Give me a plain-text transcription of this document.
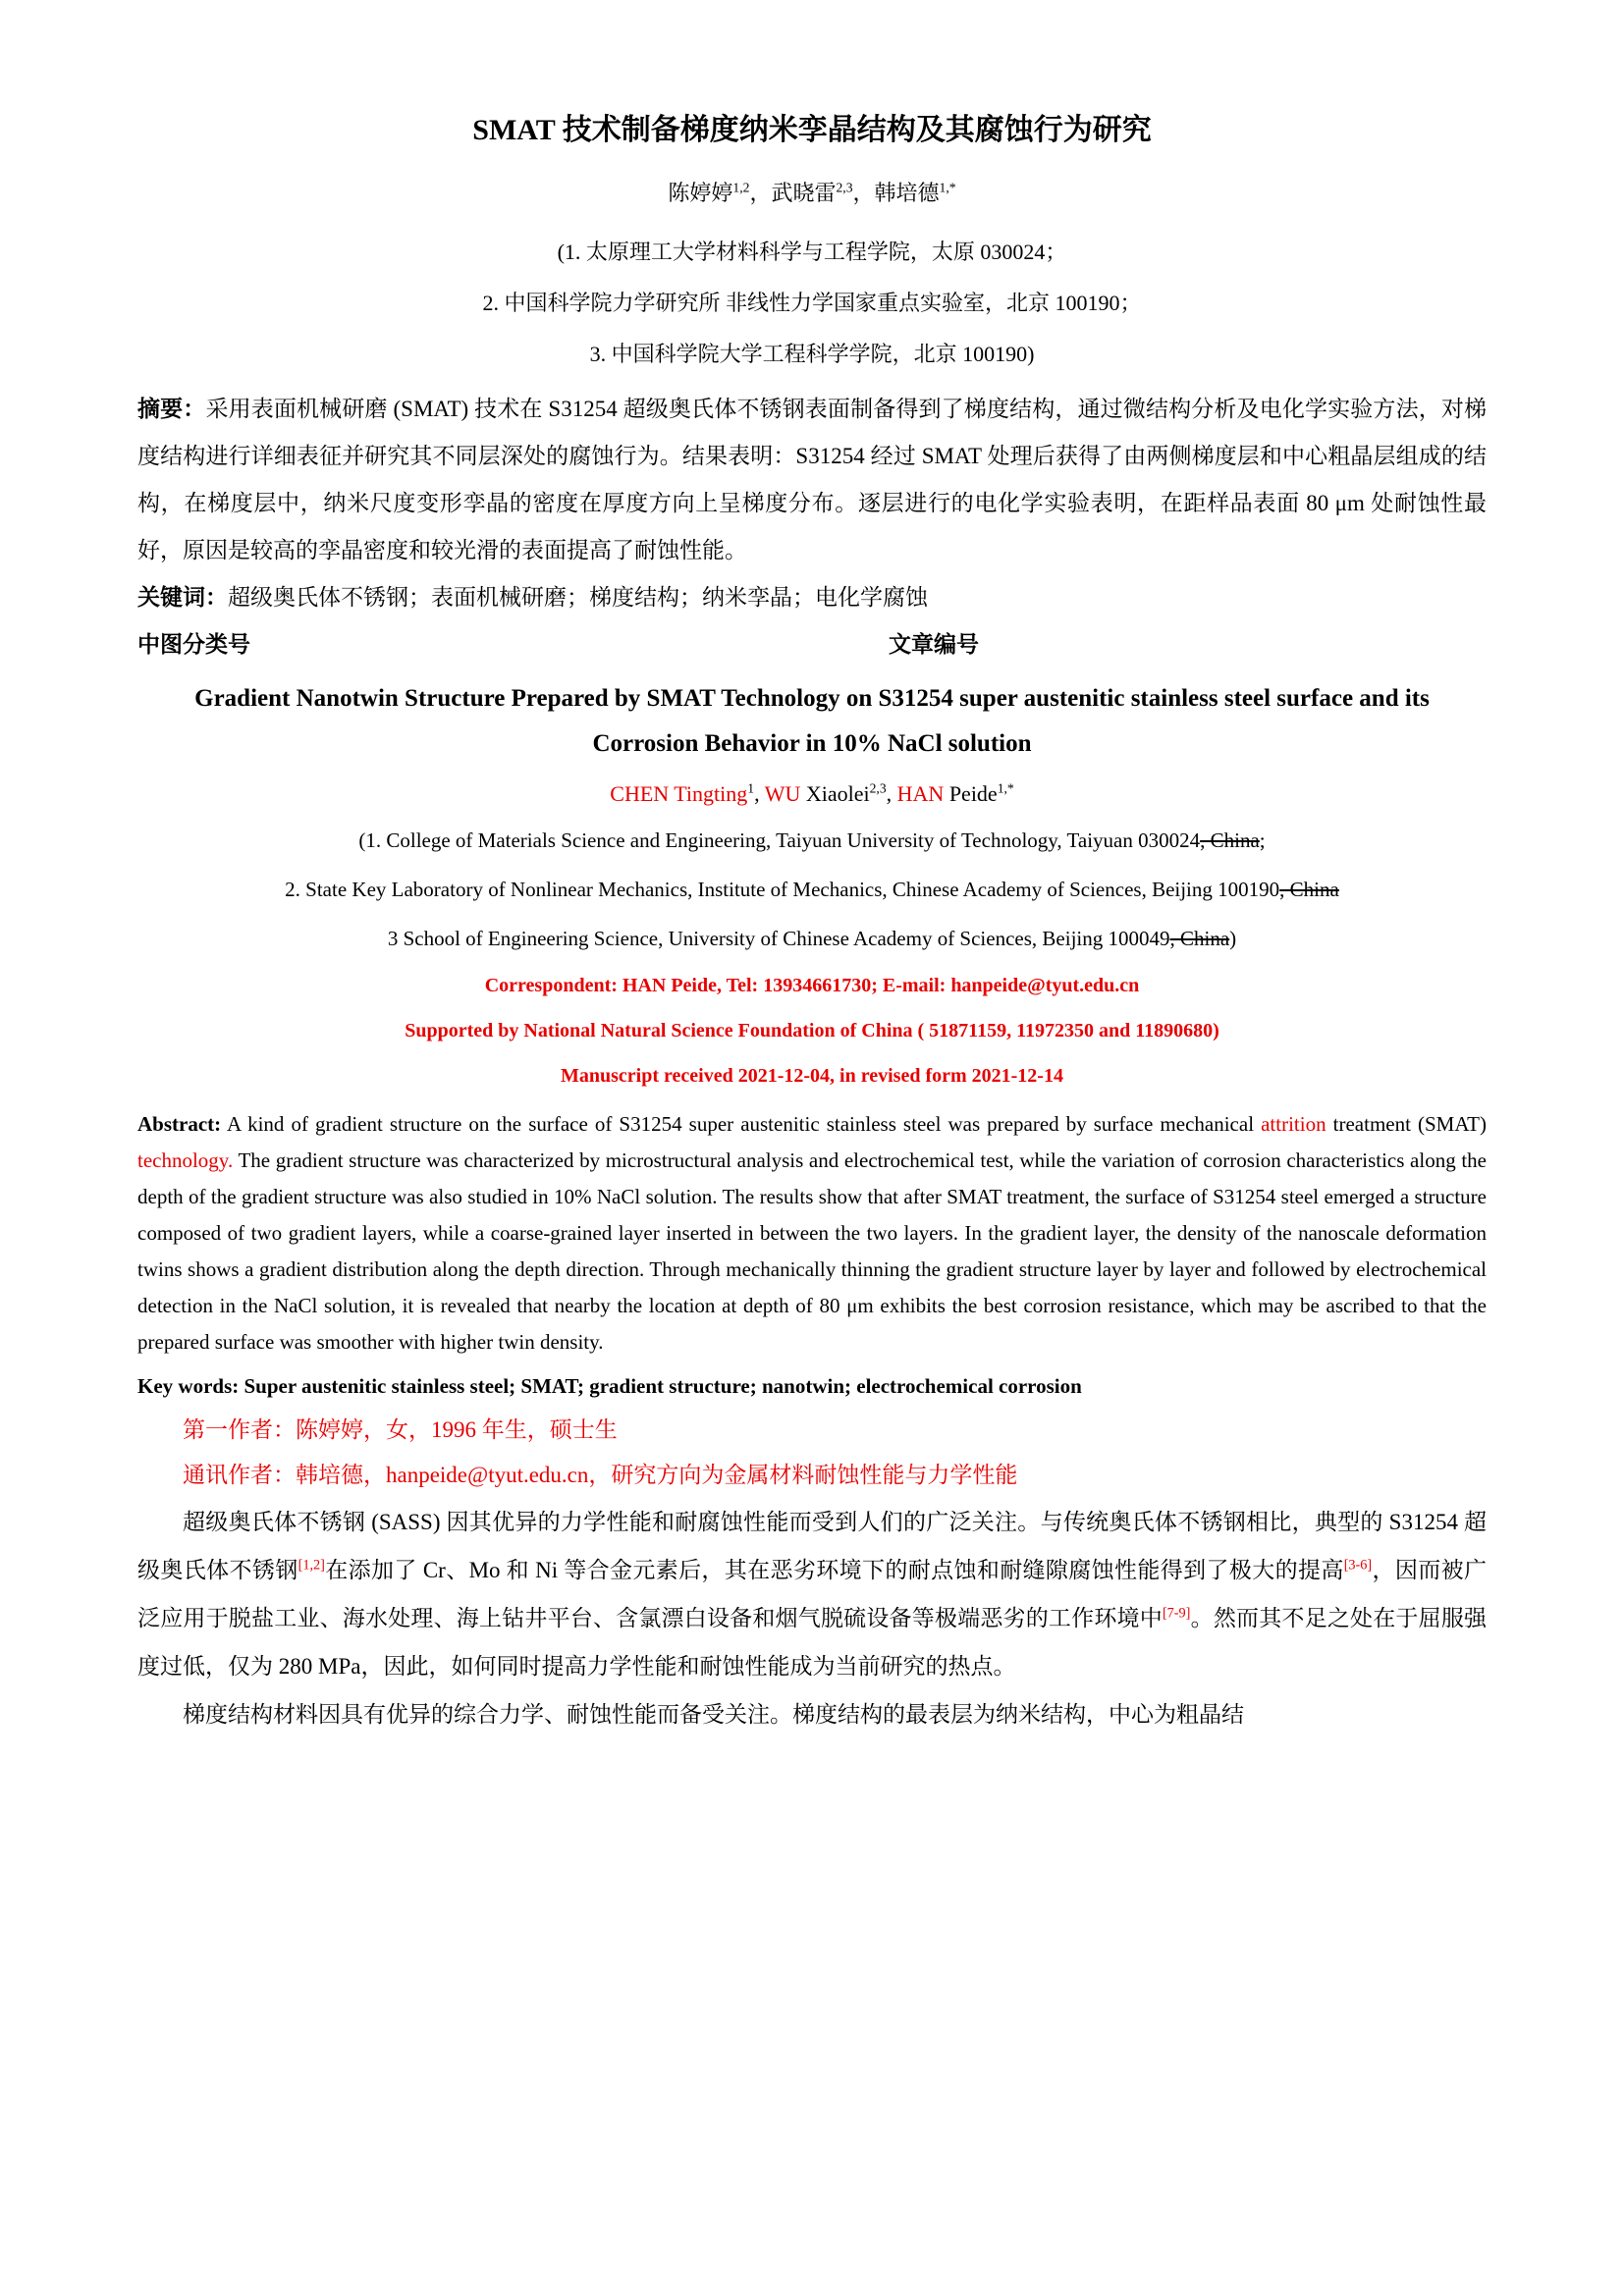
SMAT 技术制备梯度纳米孪晶结构及其腐蚀行为研究
陈婷婷$^{1,2}$，武晓雷$^{2,3}$，韩培德$^{1,*}$
(1. 太原理工大学材料科学与工程学院，太原 030024；
2. 中国科学院力学研究所 非线性力学国家重点实验室，北京 100190；
3. 中国科学院大学工程科学学院，北京 100190)

摘要：采用表面机械研磨 (SMAT) 技术在 S31254 超级奥氏体不锈钢表面制备得到了梯度结构，通过微结构分析及电化学实验方法，对梯度结构进行详细表征并研究其不同层深处的腐蚀行为。结果表明：S31254 经过 SMAT 处理后获得了由两侧梯度层和中心粗晶层组成的结构，在梯度层中，纳米尺度变形孪晶的密度在厚度方向上呈梯度分布。逐层进行的电化学实验表明，在距样品表面 80 μm 处耐蚀性最好，原因是较高的孪晶密度和较光滑的表面提高了耐蚀性能。

关键词：超级奥氏体不锈钢；表面机械研磨；梯度结构；纳米孪晶；电化学腐蚀

中图分类号	文章编号
Gradient Nanotwin Structure Prepared by SMAT Technology on S31254 super austenitic stainless steel surface and its Corrosion Behavior in 10% NaCl solution
CHEN Tingting$^1$, WU Xiaolei$^{2,3}$, HAN Peide$^{1,*}$
(1. College of Materials Science and Engineering, Taiyuan University of Technology, Taiyuan 030024, China;
2. State Key Laboratory of Nonlinear Mechanics, Institute of Mechanics, Chinese Academy of Sciences, Beijing 100190, China
3 School of Engineering Science, University of Chinese Academy of Sciences, Beijing 100049, China)
Correspondent: HAN Peide, Tel: 13934661730; E-mail: hanpeide@tyut.edu.cn
Supported by National Natural Science Foundation of China ( 51871159, 11972350 and 11890680)
Manuscript received 2021-12-04, in revised form 2021-12-14

Abstract: A kind of gradient structure on the surface of S31254 super austenitic stainless steel was prepared by surface mechanical attrition treatment (SMAT) technology. The gradient structure was characterized by microstructural analysis and electrochemical test, while the variation of corrosion characteristics along the depth of the gradient structure was also studied in 10% NaCl solution. The results show that after SMAT treatment, the surface of S31254 steel emerged a structure composed of two gradient layers, while a coarse-grained layer inserted in between the two layers. In the gradient layer, the density of the nanoscale deformation twins shows a gradient distribution along the depth direction. Through mechanically thinning the gradient structure layer by layer and followed by electrochemical detection in the NaCl solution, it is revealed that nearby the location at depth of 80 μm exhibits the best corrosion resistance, which may be ascribed to that the prepared surface was smoother with higher twin density.

Key words: Super austenitic stainless steel; SMAT; gradient structure; nanotwin; electrochemical corrosion

第一作者：陈婷婷，女，1996 年生，硕士生

通讯作者：韩培德，hanpeide@tyut.edu.cn，研究方向为金属材料耐蚀性能与力学性能

超级奥氏体不锈钢 (SASS) 因其优异的力学性能和耐腐蚀性能而受到人们的广泛关注。与传统奥氏体不锈钢相比，典型的 S31254 超级奥氏体不锈钢[1,2]在添加了 Cr、Mo 和 Ni 等合金元素后，其在恶劣环境下的耐点蚀和耐缝隙腐蚀性能得到了极大的提高[3-6]，因而被广泛应用于脱盐工业、海水处理、海上钻井平台、含氯漂白设备和烟气脱硫设备等极端恶劣的工作环境中[7-9]。然而其不足之处在于屈服强度过低，仅为 280 MPa，因此，如何同时提高力学性能和耐蚀性能成为当前研究的热点。

梯度结构材料因具有优异的综合力学、耐蚀性能而备受关注。梯度结构的最表层为纳米结构，中心为粗晶结
